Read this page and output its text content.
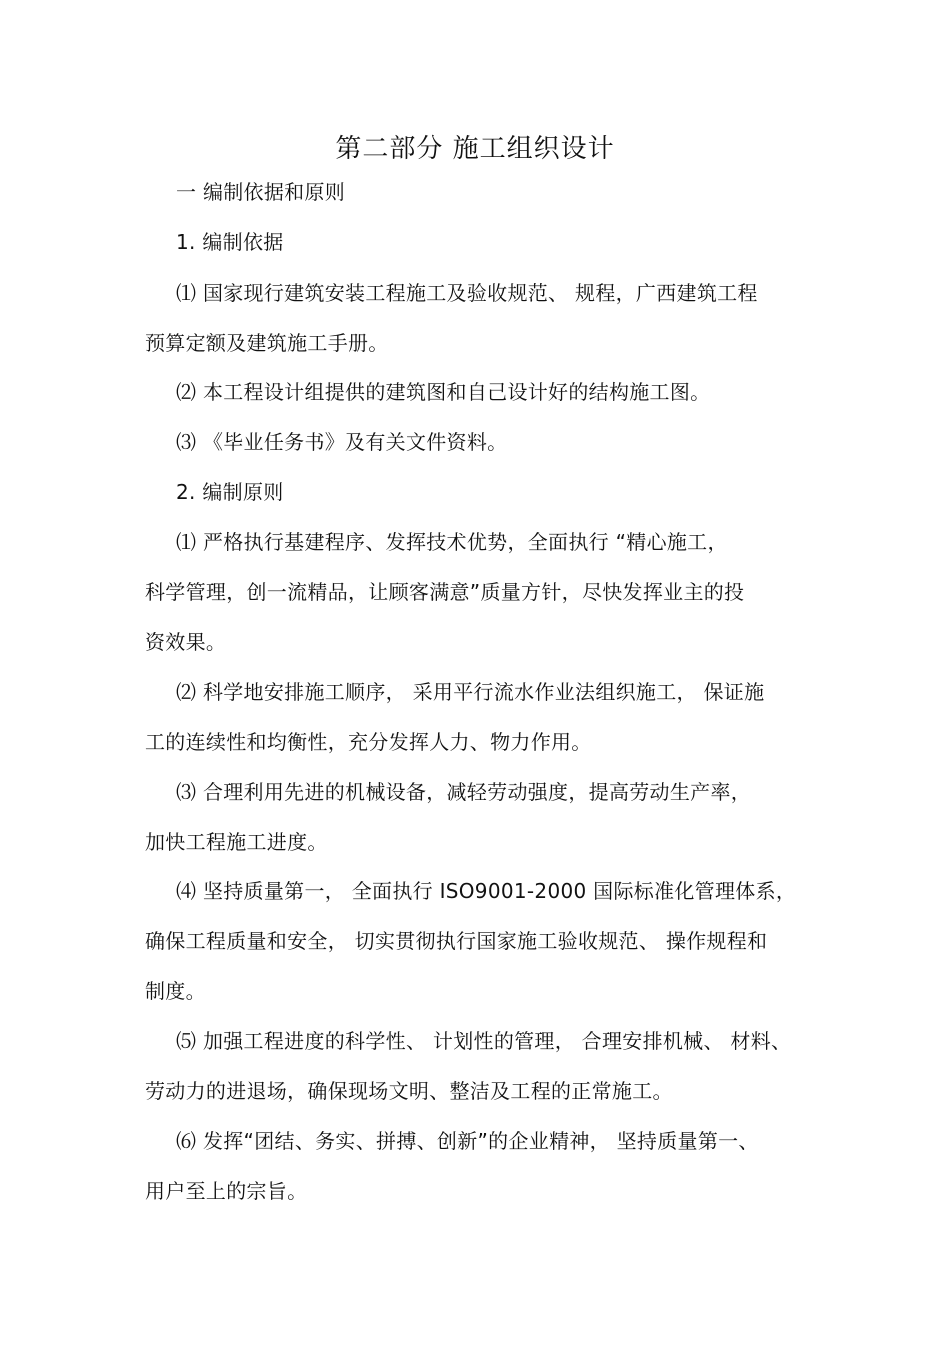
第二部分 施工组织设计
一 编制依据和原则
1. 编制依据
⑴ 国家现行建筑安装工程施工及验收规范、 规程，广西建筑工程
预算定额及建筑施工手册。
⑵ 本工程设计组提供的建筑图和自己设计好的结构施工图。
⑶ 《毕业任务书》及有关文件资料。
2. 编制原则
⑴ 严格执行基建程序、发挥技术优势，全面执行 “精心施工，
科学管理，创一流精品，让顾客满意”质量方针，尽快发挥业主的投
资效果。
⑵ 科学地安排施工顺序， 采用平行流水作业法组织施工， 保证施
工的连续性和均衡性，充分发挥人力、物力作用。
⑶ 合理利用先进的机械设备，减轻劳动强度，提高劳动生产率，
加快工程施工进度。
⑷ 坚持质量第一， 全面执行 ISO9001-2000 国际标准化管理体系，
确保工程质量和安全， 切实贯彻执行国家施工验收规范、 操作规程和
制度。
⑸ 加强工程进度的科学性、 计划性的管理， 合理安排机械、 材料、
劳动力的进退场，确保现场文明、整洁及工程的正常施工。
⑹ 发挥“团结、务实、拼搏、创新”的企业精神， 坚持质量第一、
用户至上的宗旨。
